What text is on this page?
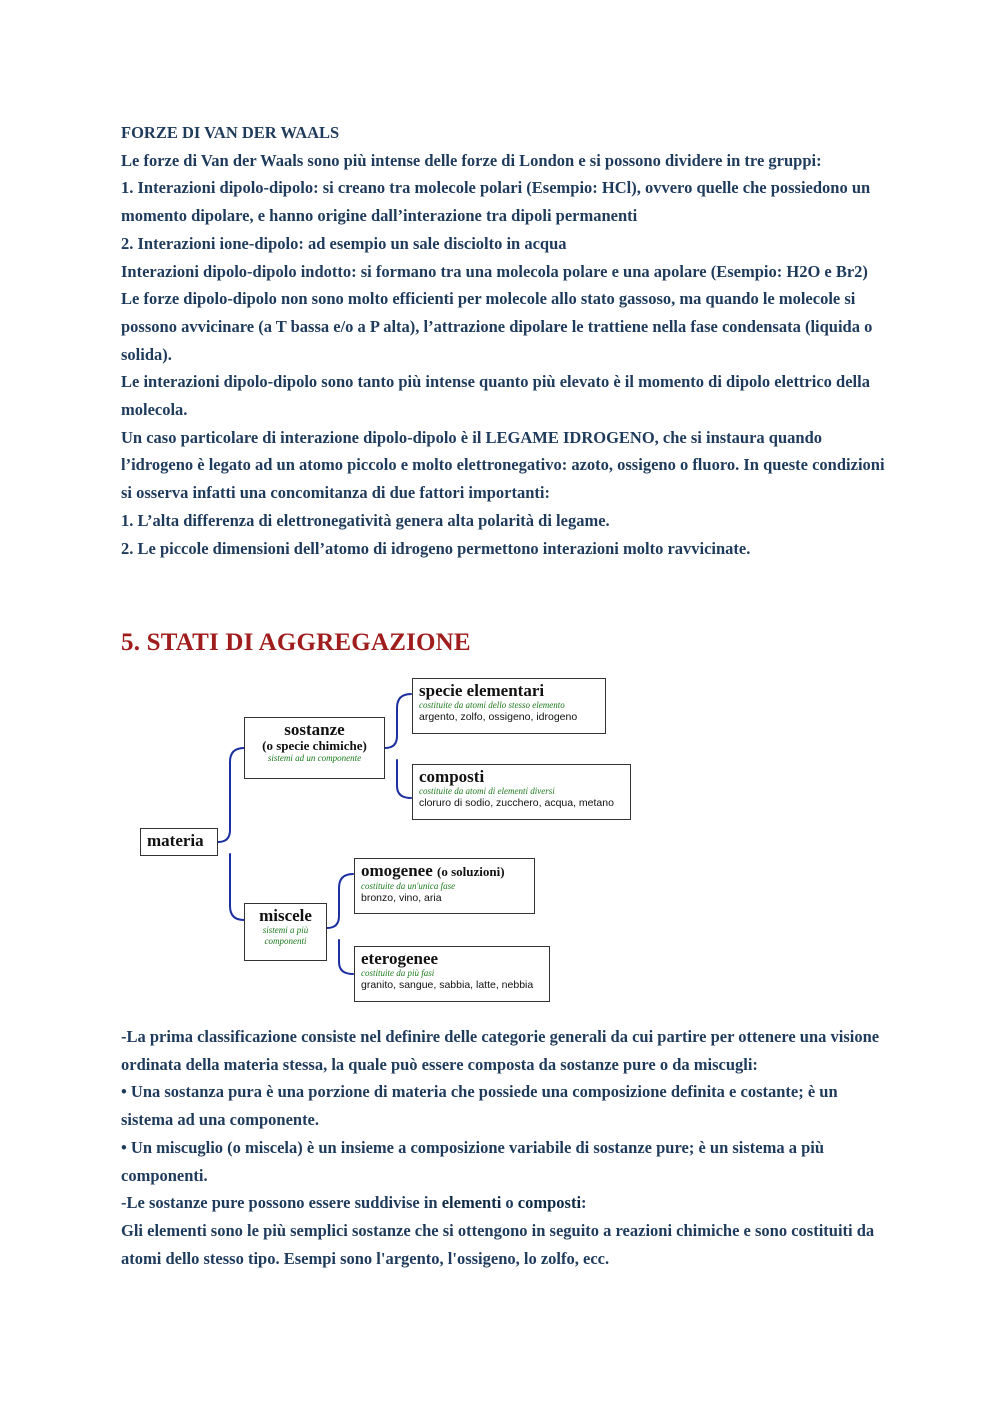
FORZE DI VAN DER WAALS

Le forze di Van der Waals sono più intense delle forze di London e si possono dividere in tre gruppi:

1. Interazioni dipolo-dipolo: si creano tra molecole polari (Esempio: HCl), ovvero quelle che possiedono un momento dipolare, e hanno origine dall’interazione tra dipoli permanenti

2. Interazioni ione-dipolo: ad esempio un sale disciolto in acqua

Interazioni dipolo-dipolo indotto: si formano tra una molecola polare e una apolare (Esempio: H2O e Br2)

Le forze dipolo-dipolo non sono molto efficienti per molecole allo stato gassoso, ma quando le molecole si possono avvicinare (a T bassa e/o a P alta), l’attrazione dipolare le trattiene nella fase condensata (liquida o solida).

Le interazioni dipolo-dipolo sono tanto più intense quanto più elevato è il momento di dipolo elettrico della molecola.

Un caso particolare di interazione dipolo-dipolo è il LEGAME IDROGENO, che si instaura quando l’idrogeno è legato ad un atomo piccolo e molto elettronegativo: azoto, ossigeno o fluoro. In queste condizioni si osserva infatti una concomitanza di due fattori importanti:

1. L’alta differenza di elettronegatività genera alta polarità di legame.

2. Le piccole dimensioni dell’atomo di idrogeno permettono interazioni molto ravvicinate.

5. STATI DI AGGREGAZIONE
materia
sostanze
(o specie chimiche)
sistemi ad un componente
specie elementari
costituite da atomi dello stesso elemento
argento, zolfo, ossigeno, idrogeno
composti
costituite da atomi di elementi diversi
cloruro di sodio, zucchero, acqua, metano
miscele
sistemi a più componenti
omogenee (o soluzioni)
costituite da un'unica fase
bronzo, vino, aria
eterogenee
costituite da più fasi
granito, sangue, sabbia, latte, nebbia

-La prima classificazione consiste nel definire delle categorie generali da cui partire per ottenere una visione ordinata della materia stessa, la quale può essere composta da sostanze pure o da miscugli:

• Una sostanza pura è una porzione di materia che possiede una composizione definita e costante; è un sistema ad una componente.

• Un miscuglio (o miscela) è un insieme a composizione variabile di sostanze pure; è un sistema a più componenti.

-Le sostanze pure possono essere suddivise in elementi o composti:

Gli elementi sono le più semplici sostanze che si ottengono in seguito a reazioni chimiche e sono costituiti da atomi dello stesso tipo. Esempi sono l'argento, l'ossigeno, lo zolfo, ecc.
